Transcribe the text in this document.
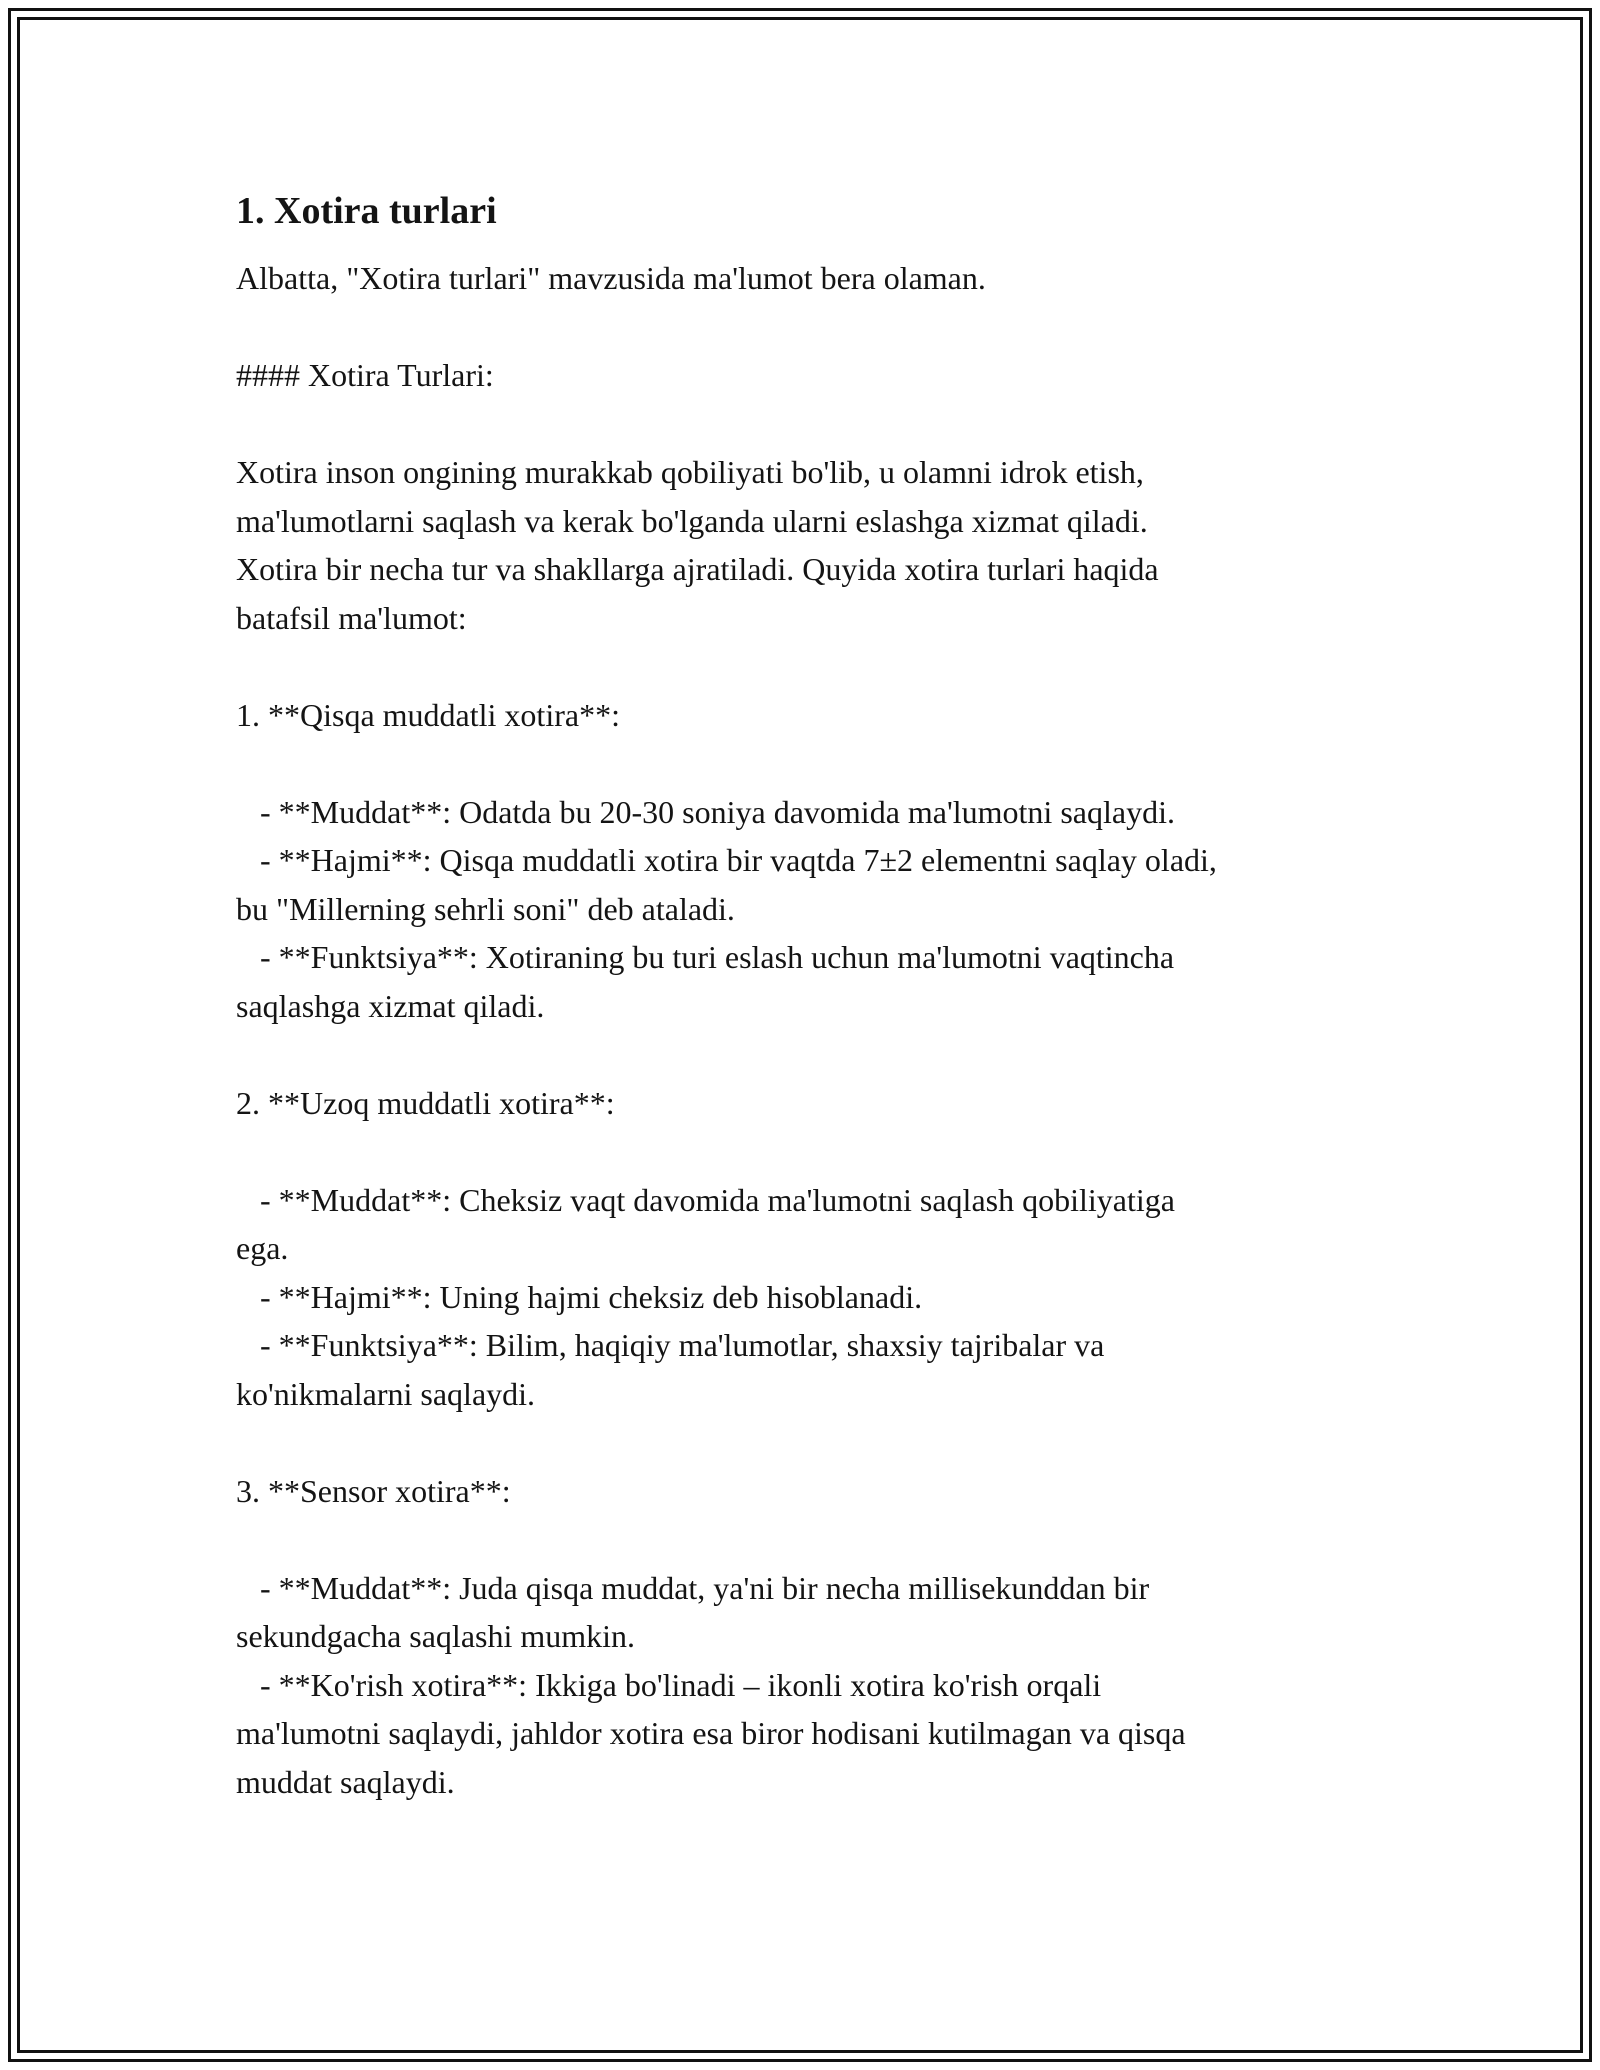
1. Xotira turlari

Albatta, "Xotira turlari" mavzusida ma'lumot bera olaman.

#### Xotira Turlari:

Xotira inson ongining murakkab qobiliyati bo'lib, u olamni idrok etish,

ma'lumotlarni saqlash va kerak bo'lganda ularni eslashga xizmat qiladi.

Xotira bir necha tur va shakllarga ajratiladi. Quyida xotira turlari haqida

batafsil ma'lumot:

1. **Qisqa muddatli xotira**:

- **Muddat**: Odatda bu 20-30 soniya davomida ma'lumotni saqlaydi.

- **Hajmi**: Qisqa muddatli xotira bir vaqtda 7±2 elementni saqlay oladi,

bu "Millerning sehrli soni" deb ataladi.

- **Funktsiya**: Xotiraning bu turi eslash uchun ma'lumotni vaqtincha

saqlashga xizmat qiladi.

2. **Uzoq muddatli xotira**:

- **Muddat**: Cheksiz vaqt davomida ma'lumotni saqlash qobiliyatiga

ega.

- **Hajmi**: Uning hajmi cheksiz deb hisoblanadi.

- **Funktsiya**: Bilim, haqiqiy ma'lumotlar, shaxsiy tajribalar va

ko'nikmalarni saqlaydi.

3. **Sensor xotira**:

- **Muddat**: Juda qisqa muddat, ya'ni bir necha millisekunddan bir

sekundgacha saqlashi mumkin.

- **Ko'rish xotira**: Ikkiga bo'linadi – ikonli xotira ko'rish orqali

ma'lumotni saqlaydi, jahldor xotira esa biror hodisani kutilmagan va qisqa

muddat saqlaydi.
